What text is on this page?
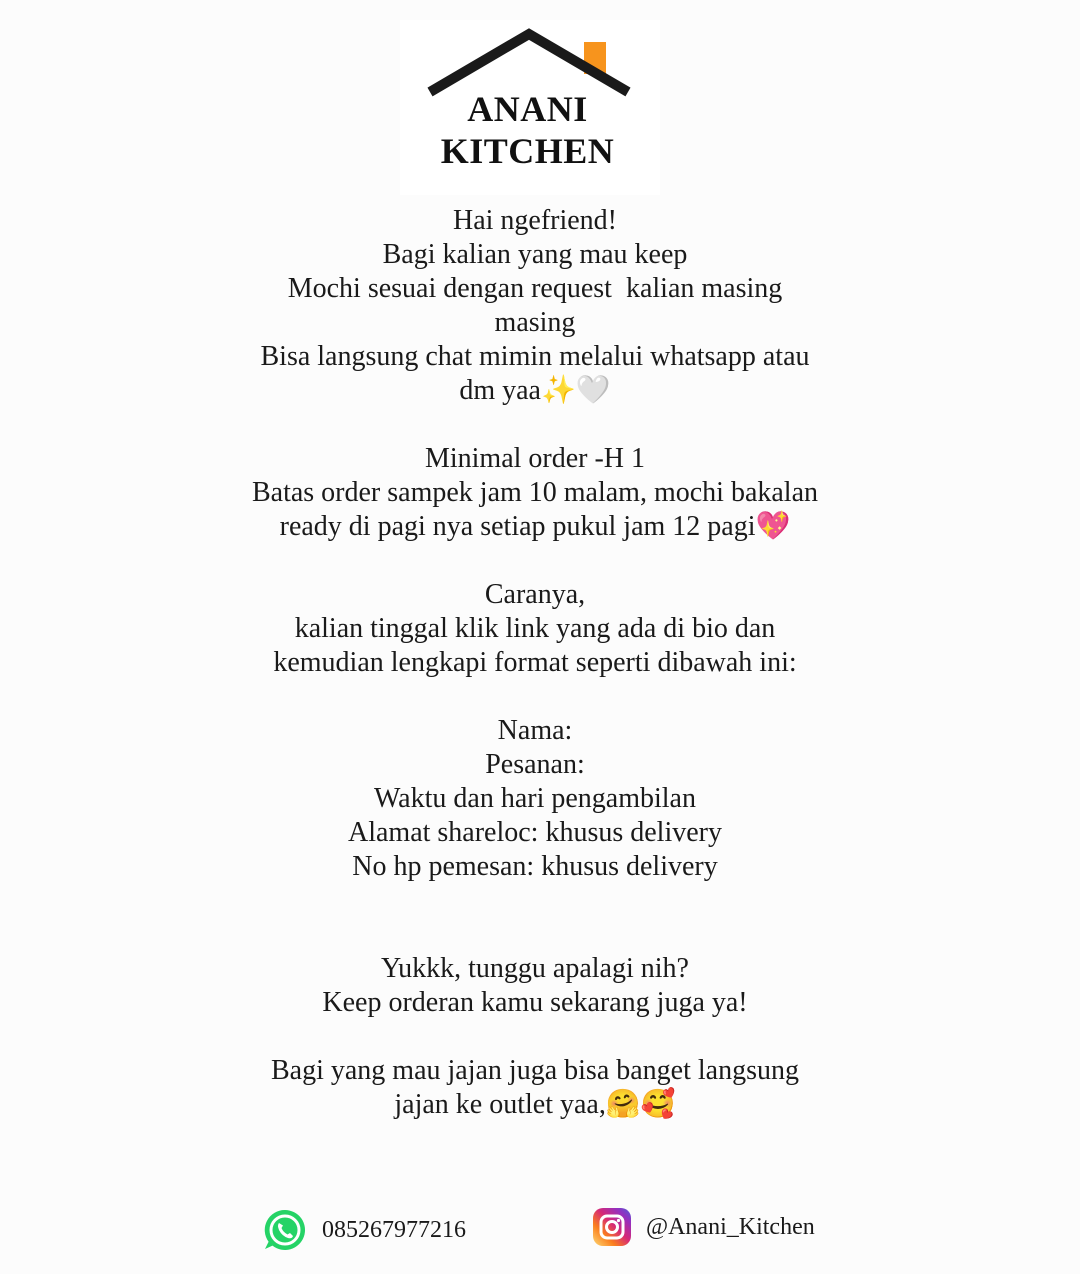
ANANI
KITCHEN

Hai ngefriend!
Bagi kalian yang mau keep
Mochi sesuai dengan request  kalian masing masing
Bisa langsung chat mimin melalui whatsapp atau dm yaa✨🤍

Minimal order -H 1
Batas order sampek jam 10 malam, mochi bakalan ready di pagi nya setiap pukul jam 12 pagi💖

Caranya,
kalian tinggal klik link yang ada di bio dan kemudian lengkapi format seperti dibawah ini:

Nama:
Pesanan:
Waktu dan hari pengambilan
Alamat shareloc: khusus delivery
No hp pemesan: khusus delivery

Yukkk, tunggu apalagi nih?
Keep orderan kamu sekarang juga ya!

Bagi yang mau jajan juga bisa banget langsung jajan ke outlet yaa,🤗🥰

085267977216	@Anani_Kitchen
